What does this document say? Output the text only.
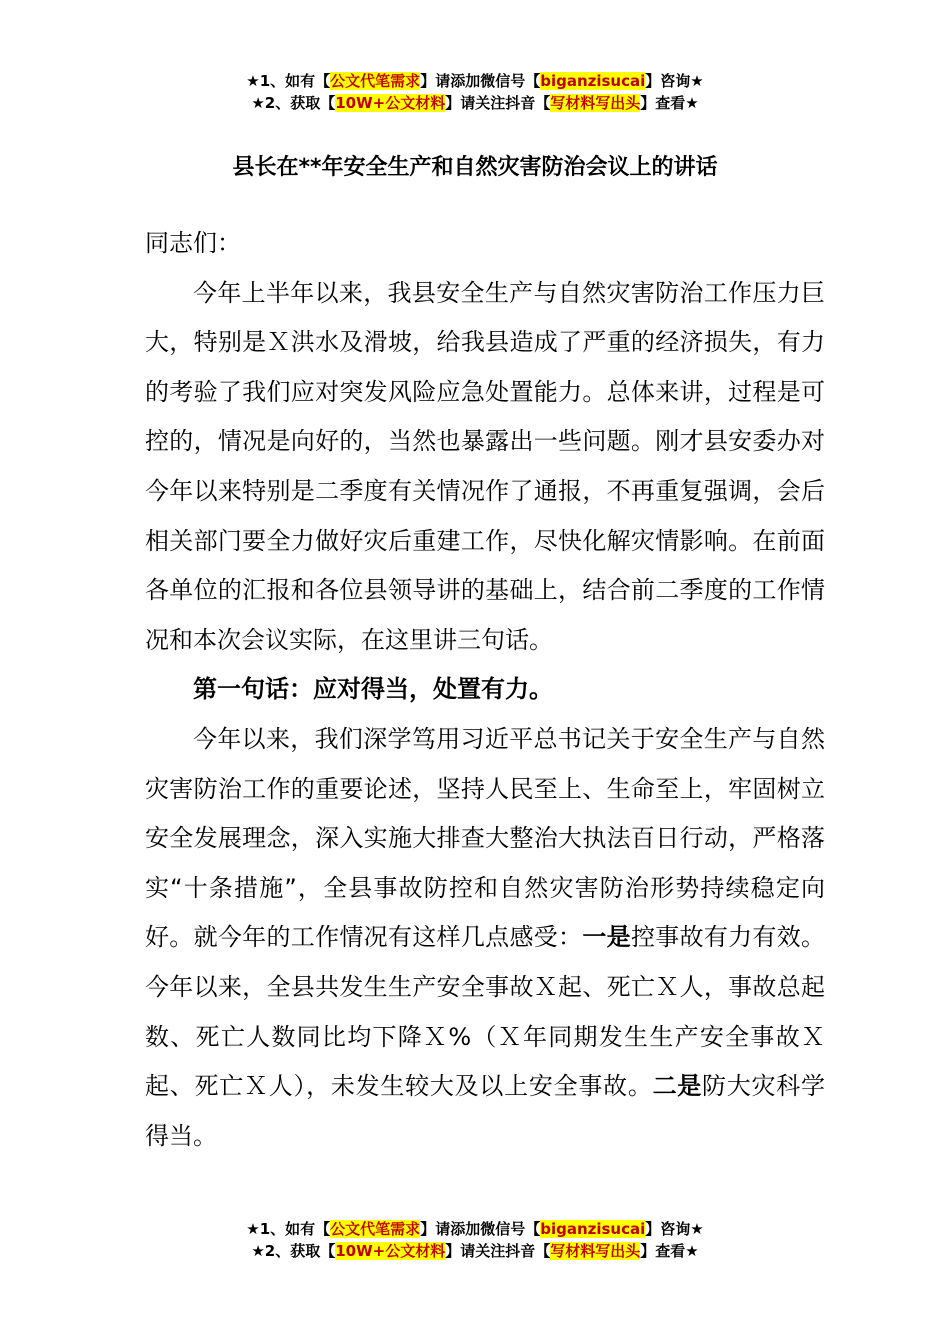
★1、如有【公文代笔需求】请添加微信号【biganzisucai】咨询★
★2、获取【10W+公文材料】请关注抖音【写材料写出头】查看★
县长在**年安全生产和自然灾害防治会议上的讲话

同志们：

今年上半年以来，我县安全生产与自然灾害防治工作压力巨大，特别是Ｘ洪水及滑坡，给我县造成了严重的经济损失，有力的考验了我们应对突发风险应急处置能力。总体来讲，过程是可控的，情况是向好的，当然也暴露出一些问题。刚才县安委办对今年以来特别是二季度有关情况作了通报，不再重复强调，会后相关部门要全力做好灾后重建工作，尽快化解灾情影响。在前面各单位的汇报和各位县领导讲的基础上，结合前二季度的工作情况和本次会议实际，在这里讲三句话。

第一句话：应对得当，处置有力。

今年以来，我们深学笃用习近平总书记关于安全生产与自然灾害防治工作的重要论述，坚持人民至上、生命至上，牢固树立安全发展理念，深入实施大排查大整治大执法百日行动，严格落实“十条措施”，全县事故防控和自然灾害防治形势持续稳定向好。就今年的工作情况有这样几点感受：一是控事故有力有效。今年以来，全县共发生生产安全事故Ｘ起、死亡Ｘ人，事故总起数、死亡人数同比均下降Ｘ%（Ｘ年同期发生生产安全事故Ｘ起、死亡Ｘ人），未发生较大及以上安全事故。二是防大灾科学得当。

★1、如有【公文代笔需求】请添加微信号【biganzisucai】咨询★
★2、获取【10W+公文材料】请关注抖音【写材料写出头】查看★
